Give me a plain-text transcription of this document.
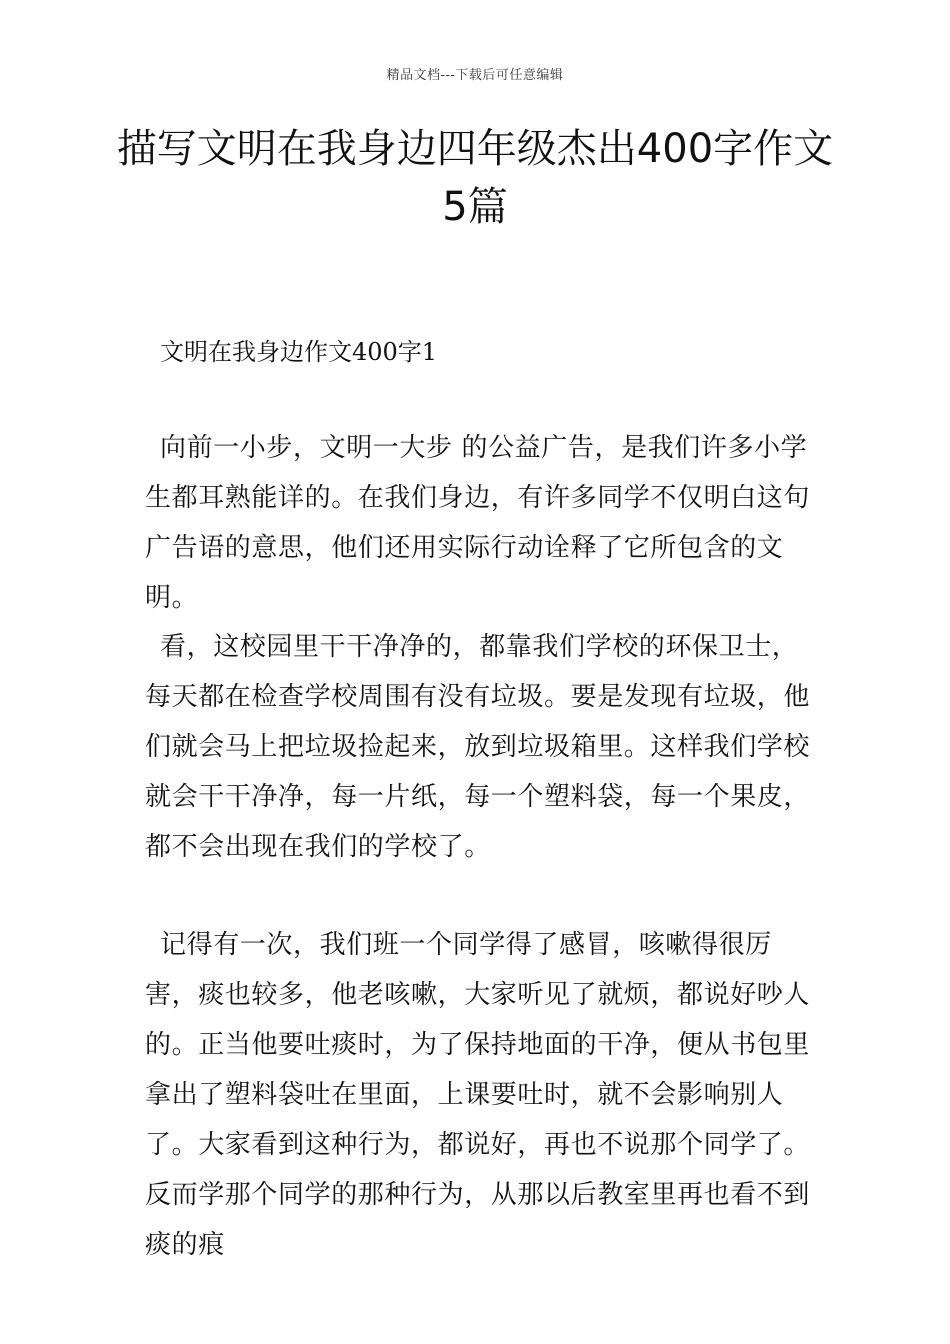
精品文档---下载后可任意编辑
描写文明在我身边四年级杰出400字作文5篇
文明在我身边作文400字1

向前一小步，文明一大步 的公益广告，是我们许多小学生都耳熟能详的。在我们身边，有许多同学不仅明白这句广告语的意思，他们还用实际行动诠释了它所包含的文明。

看，这校园里干干净净的，都靠我们学校的环保卫士，每天都在检查学校周围有没有垃圾。要是发现有垃圾，他们就会马上把垃圾捡起来，放到垃圾箱里。这样我们学校就会干干净净，每一片纸，每一个塑料袋，每一个果皮，都不会出现在我们的学校了。

记得有一次，我们班一个同学得了感冒，咳嗽得很厉害，痰也较多，他老咳嗽，大家听见了就烦，都说好吵人的。正当他要吐痰时，为了保持地面的干净，便从书包里拿出了塑料袋吐在里面，上课要吐时，就不会影响别人了。大家看到这种行为，都说好，再也不说那个同学了。反而学那个同学的那种行为，从那以后教室里再也看不到痰的痕
